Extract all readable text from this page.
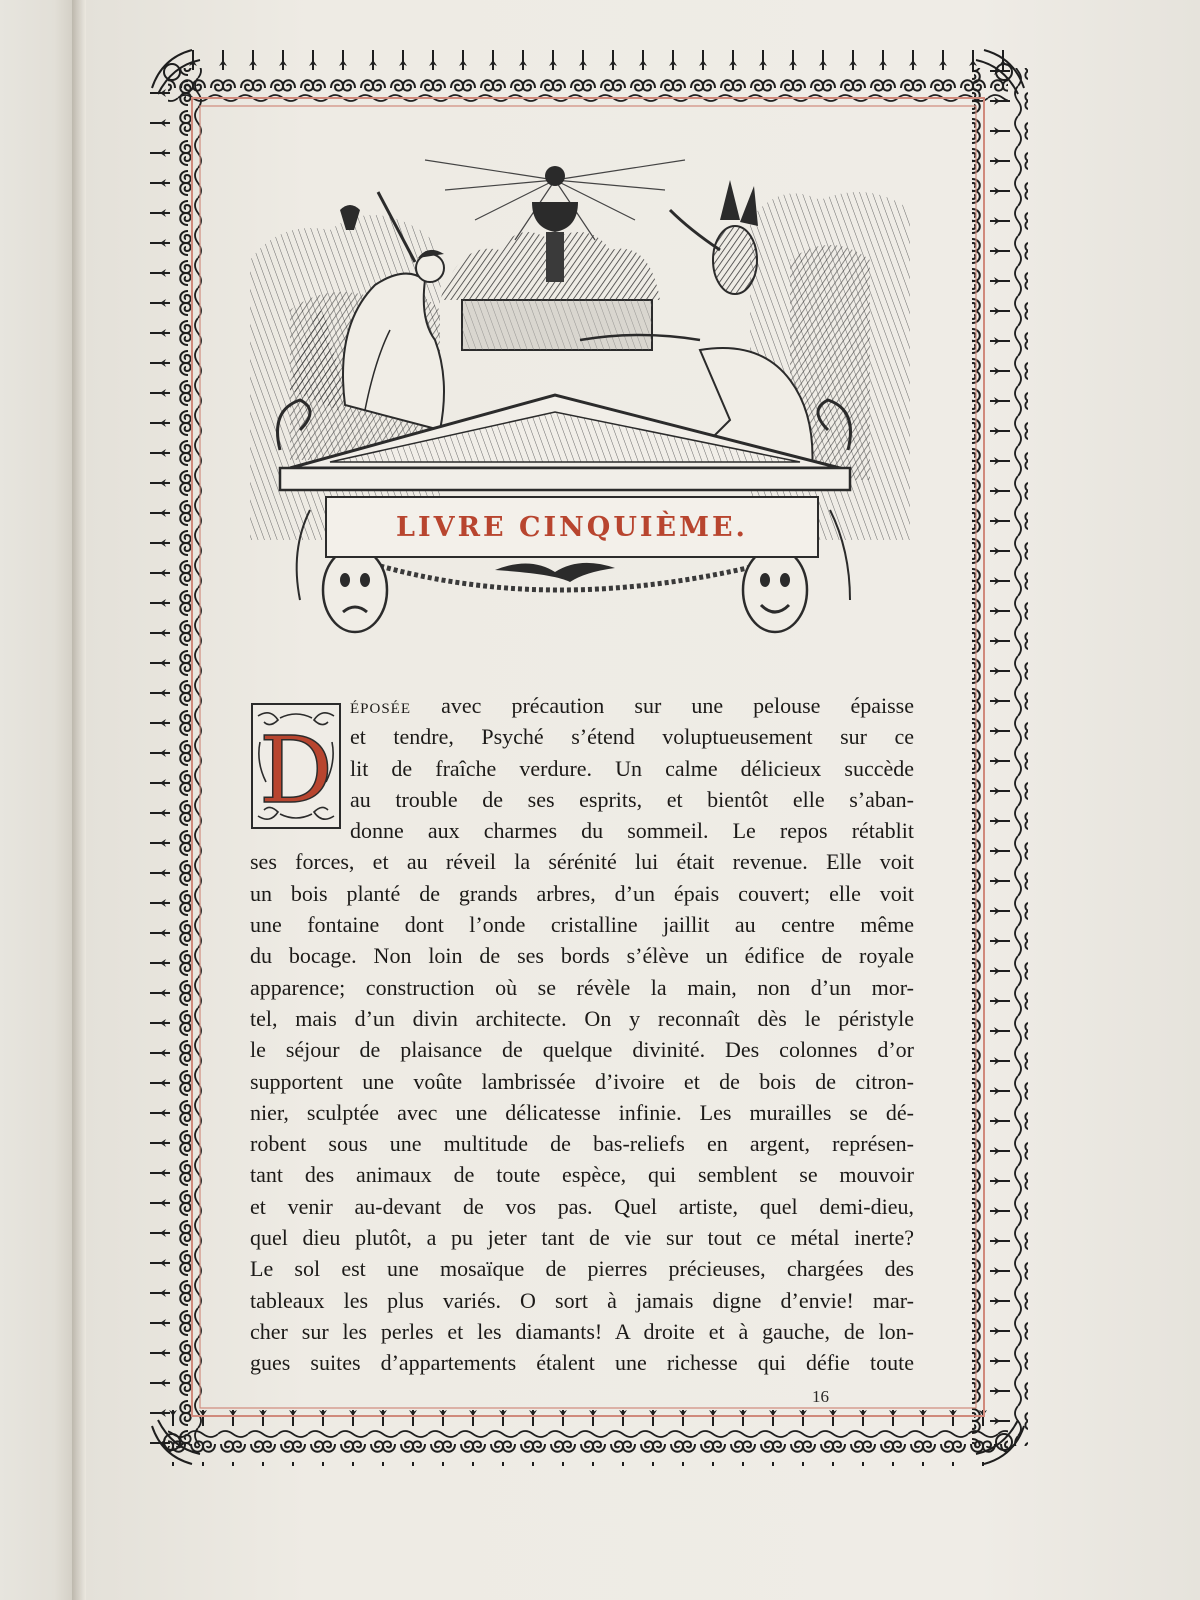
LIVRE CINQUIÈME.
D
éposée avec précaution sur une pelouse épaisse
et tendre, Psyché s’étend voluptueusement sur ce
lit de fraîche verdure. Un calme délicieux succède
au trouble de ses esprits, et bientôt elle s’aban-
donne aux charmes du sommeil. Le repos rétablit
ses forces, et au réveil la sérénité lui était revenue. Elle voit
un bois planté de grands arbres, d’un épais couvert; elle voit
une fontaine dont l’onde cristalline jaillit au centre même
du bocage. Non loin de ses bords s’élève un édifice de royale
apparence; construction où se révèle la main, non d’un mor-
tel, mais d’un divin architecte. On y reconnaît dès le péristyle
le séjour de plaisance de quelque divinité. Des colonnes d’or
supportent une voûte lambrissée d’ivoire et de bois de citron-
nier, sculptée avec une délicatesse infinie. Les murailles se dé-
robent sous une multitude de bas-reliefs en argent, représen-
tant des animaux de toute espèce, qui semblent se mouvoir
et venir au-devant de vos pas. Quel artiste, quel demi-dieu,
quel dieu plutôt, a pu jeter tant de vie sur tout ce métal inerte?
Le sol est une mosaïque de pierres précieuses, chargées des
tableaux les plus variés. O sort à jamais digne d’envie! mar-
cher sur les perles et les diamants! A droite et à gauche, de lon-
gues suites d’appartements étalent une richesse qui défie toute
16
